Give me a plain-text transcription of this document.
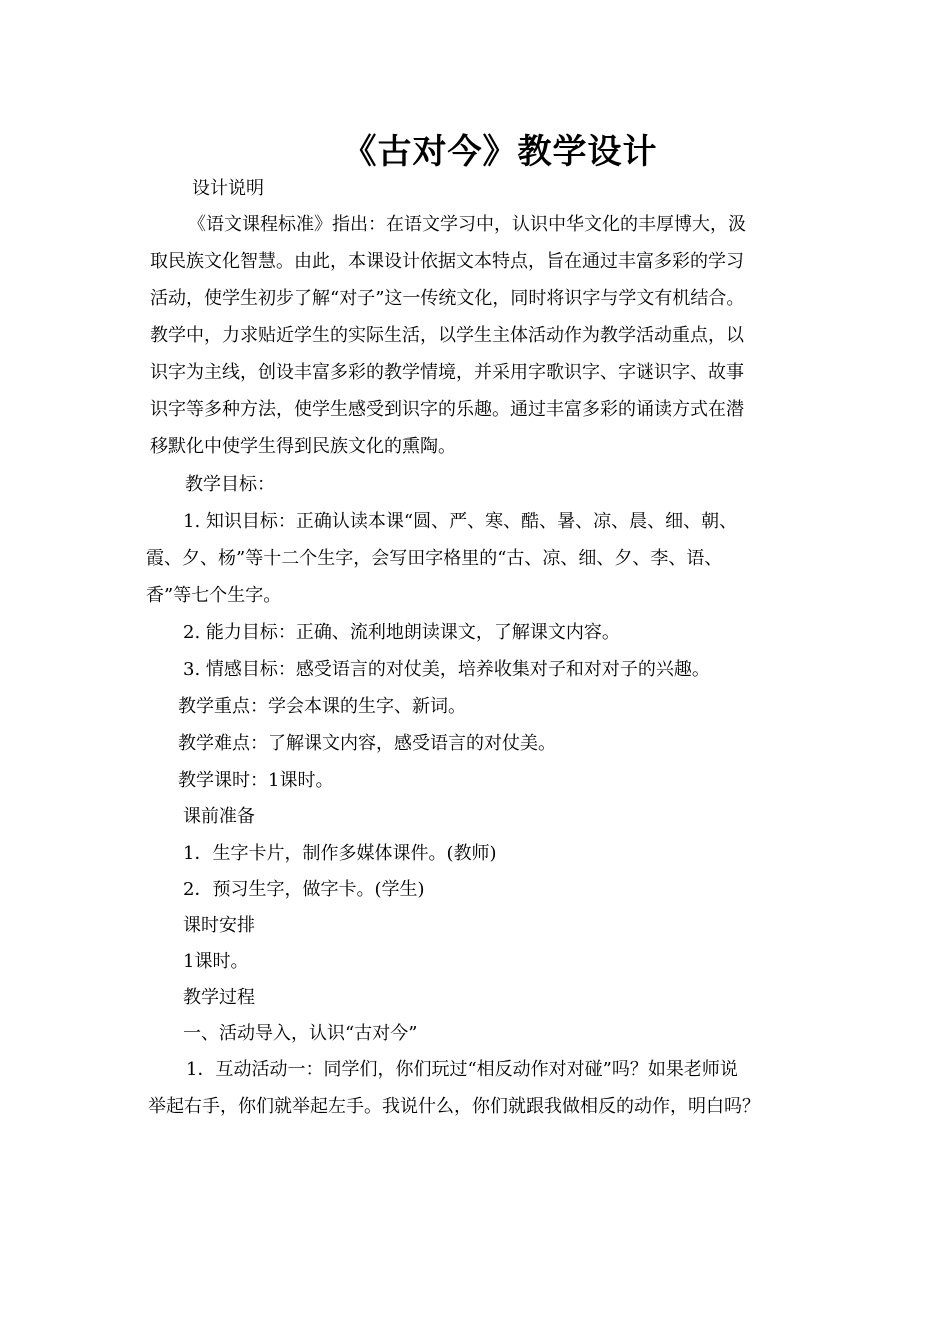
《古对今》教学设计
设计说明
《语文课程标准》指出：在语文学习中，认识中华文化的丰厚博大，汲
取民族文化智慧。由此，本课设计依据文本特点，旨在通过丰富多彩的学习
活动，使学生初步了解“对子”这一传统文化，同时将识字与学文有机结合。
教学中，力求贴近学生的实际生活，以学生主体活动作为教学活动重点，以
识字为主线，创设丰富多彩的教学情境，并采用字歌识字、字谜识字、故事
识字等多种方法，使学生感受到识字的乐趣。通过丰富多彩的诵读方式在潜
移默化中使学生得到民族文化的熏陶。
教学目标：
1. 知识目标：正确认读本课“圆、严、寒、酷、暑、凉、晨、细、朝、
霞、夕、杨”等十二个生字，会写田字格里的“古、凉、细、夕、李、语、
香”等七个生字。
2. 能力目标：正确、流利地朗读课文，了解课文内容。
3. 情感目标：感受语言的对仗美，培养收集对子和对对子的兴趣。
教学重点：学会本课的生字、新词。
教学难点：了解课文内容，感受语言的对仗美。
教学课时：1课时。
课前准备
1．生字卡片，制作多媒体课件。(教师)
2．预习生字，做字卡。(学生)
课时安排
1课时。
教学过程
一、活动导入，认识“古对今”
1．互动活动一：同学们，你们玩过“相反动作对对碰”吗？如果老师说
举起右手，你们就举起左手。我说什么，你们就跟我做相反的动作，明白吗？
